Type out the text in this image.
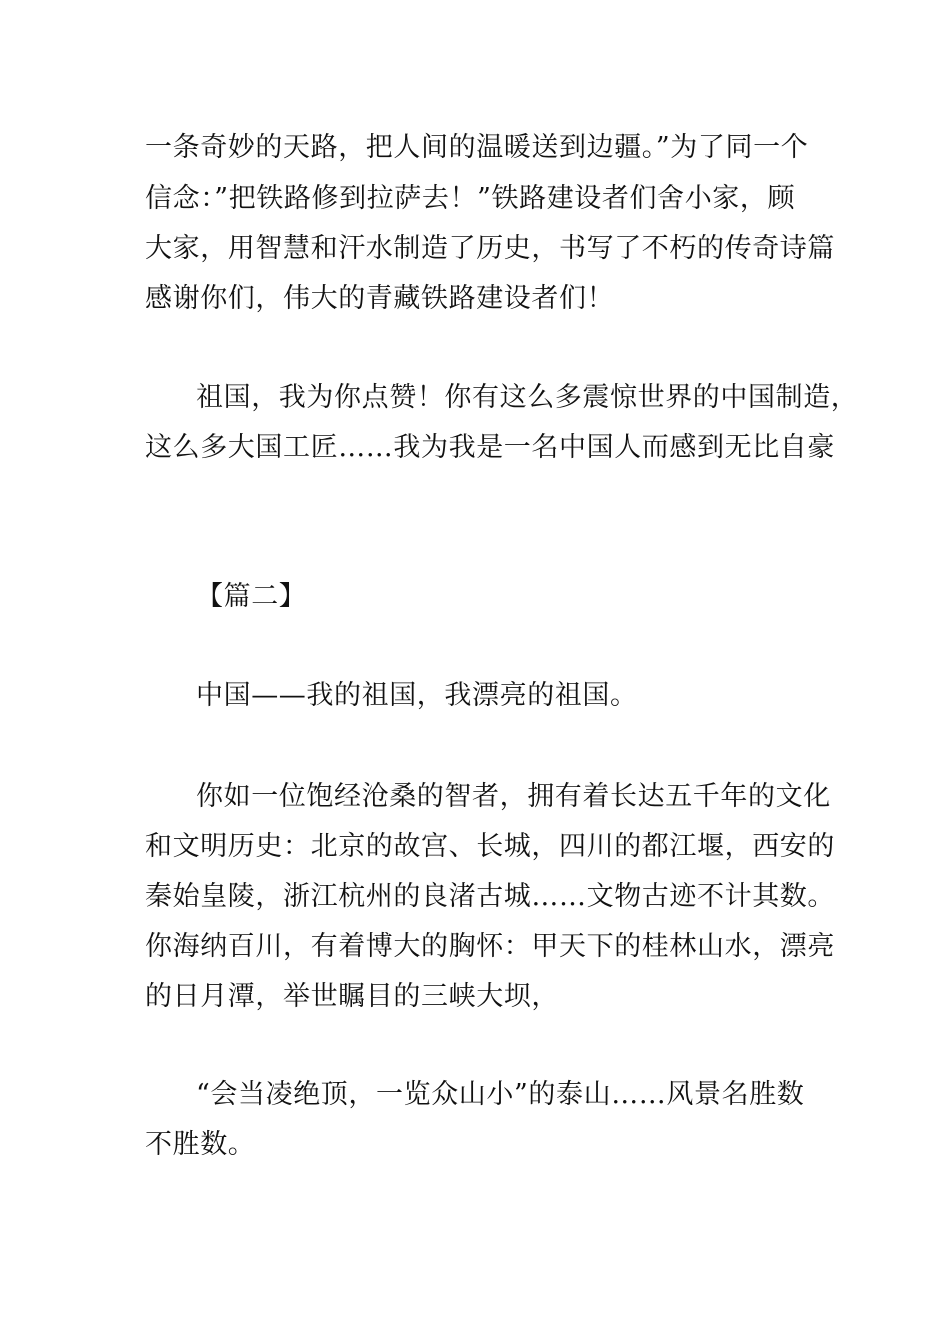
一条奇妙的天路，把人间的温暖送到边疆。”为了同一个
信念：”把铁路修到拉萨去！”铁路建设者们舍小家，顾
大家，用智慧和汗水制造了历史，书写了不朽的传奇诗篇
感谢你们，伟大的青藏铁路建设者们！
祖国，我为你点赞！你有这么多震惊世界的中国制造，
这么多大国工匠……我为我是一名中国人而感到无比自豪
【篇二】
中国——我的祖国，我漂亮的祖国。
你如一位饱经沧桑的智者，拥有着长达五千年的文化
和文明历史：北京的故宫、长城，四川的都江堰，西安的
秦始皇陵，浙江杭州的良渚古城……文物古迹不计其数。
你海纳百川，有着博大的胸怀：甲天下的桂林山水，漂亮
的日月潭，举世瞩目的三峡大坝，
“会当凌绝顶，一览众山小”的泰山……风景名胜数
不胜数。
